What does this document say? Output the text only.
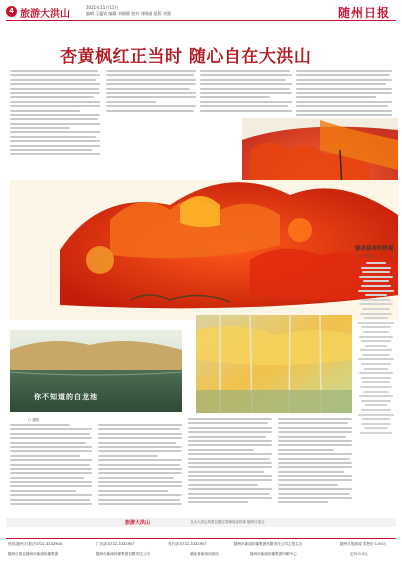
4 旅游大洪山
2021年11月11日
编辑 王蕴钦 编辑 刘晓静 校对 刘晓丽 组版 刘强	随州日报
杏黄枫红正当时 随心自在大洪山
你不知道的白龙池
□ 摄影
银杏县有时你说
□ 李成锦
旅游大洪山	五大大洪山风景名胜区管理局宣传部 随州日报社
热线:随州:日报社0722-3332900	广告部:0722-3332907	发行部:0722-3332907	随州市新闻传媒集团有限责任公司主管主办	随州日报新闻 零售价:1.50元
随州日报社随州市新闻传媒集团	随州市新闻传媒集团有限责任公司	湖北省新闻出版局	随州市新闻传媒集团印刷中心	定价:0.3元
